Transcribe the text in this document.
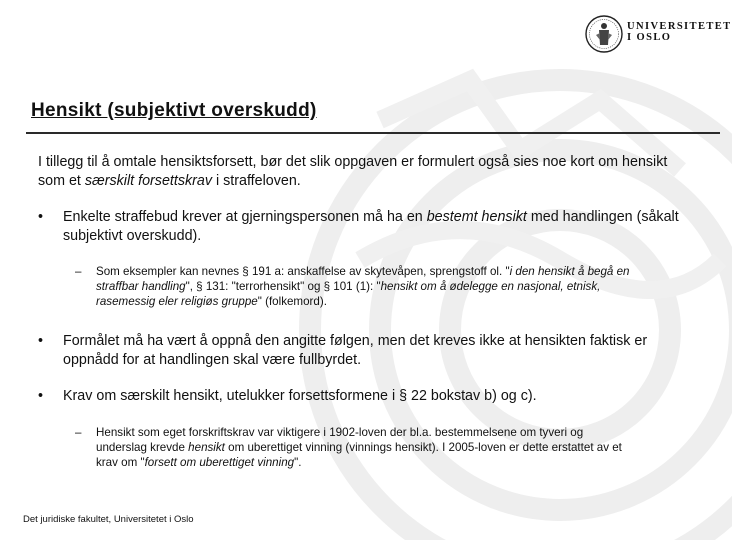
UNIVERSITETET
I OSLO
Hensikt (subjektivt overskudd)

I tillegg til å omtale hensiktsforsett, bør det slik oppgaven er formulert også sies noe kort om hensikt som et særskilt forsettskrav i straffeloven.

• Enkelte straffebud krever at gjerningspersonen må ha en bestemt hensikt med handlingen (såkalt subjektivt overskudd).
– Som eksempler kan nevnes § 191 a: anskaffelse av skytevåpen, sprengstoff ol. "i den hensikt å begå en straffbar handling", § 131: "terrorhensikt" og § 101 (1): "hensikt om å ødelegge en nasjonal, etnisk, rasemessig eler religiøs gruppe" (folkemord).
• Formålet må ha vært å oppnå den angitte følgen, men det kreves ikke at hensikten faktisk er oppnådd for at handlingen skal være fullbyrdet.
• Krav om særskilt hensikt, utelukker forsettsformene i § 22 bokstav b) og c).
– Hensikt som eget forskriftskrav var viktigere i 1902-loven der bl.a. bestemmelsene om tyveri og underslag krevde hensikt om uberettiget vinning (vinnings hensikt). I 2005-loven er dette erstattet av et krav om "forsett om uberettiget vinning".
Det juridiske fakultet, Universitetet i Oslo
